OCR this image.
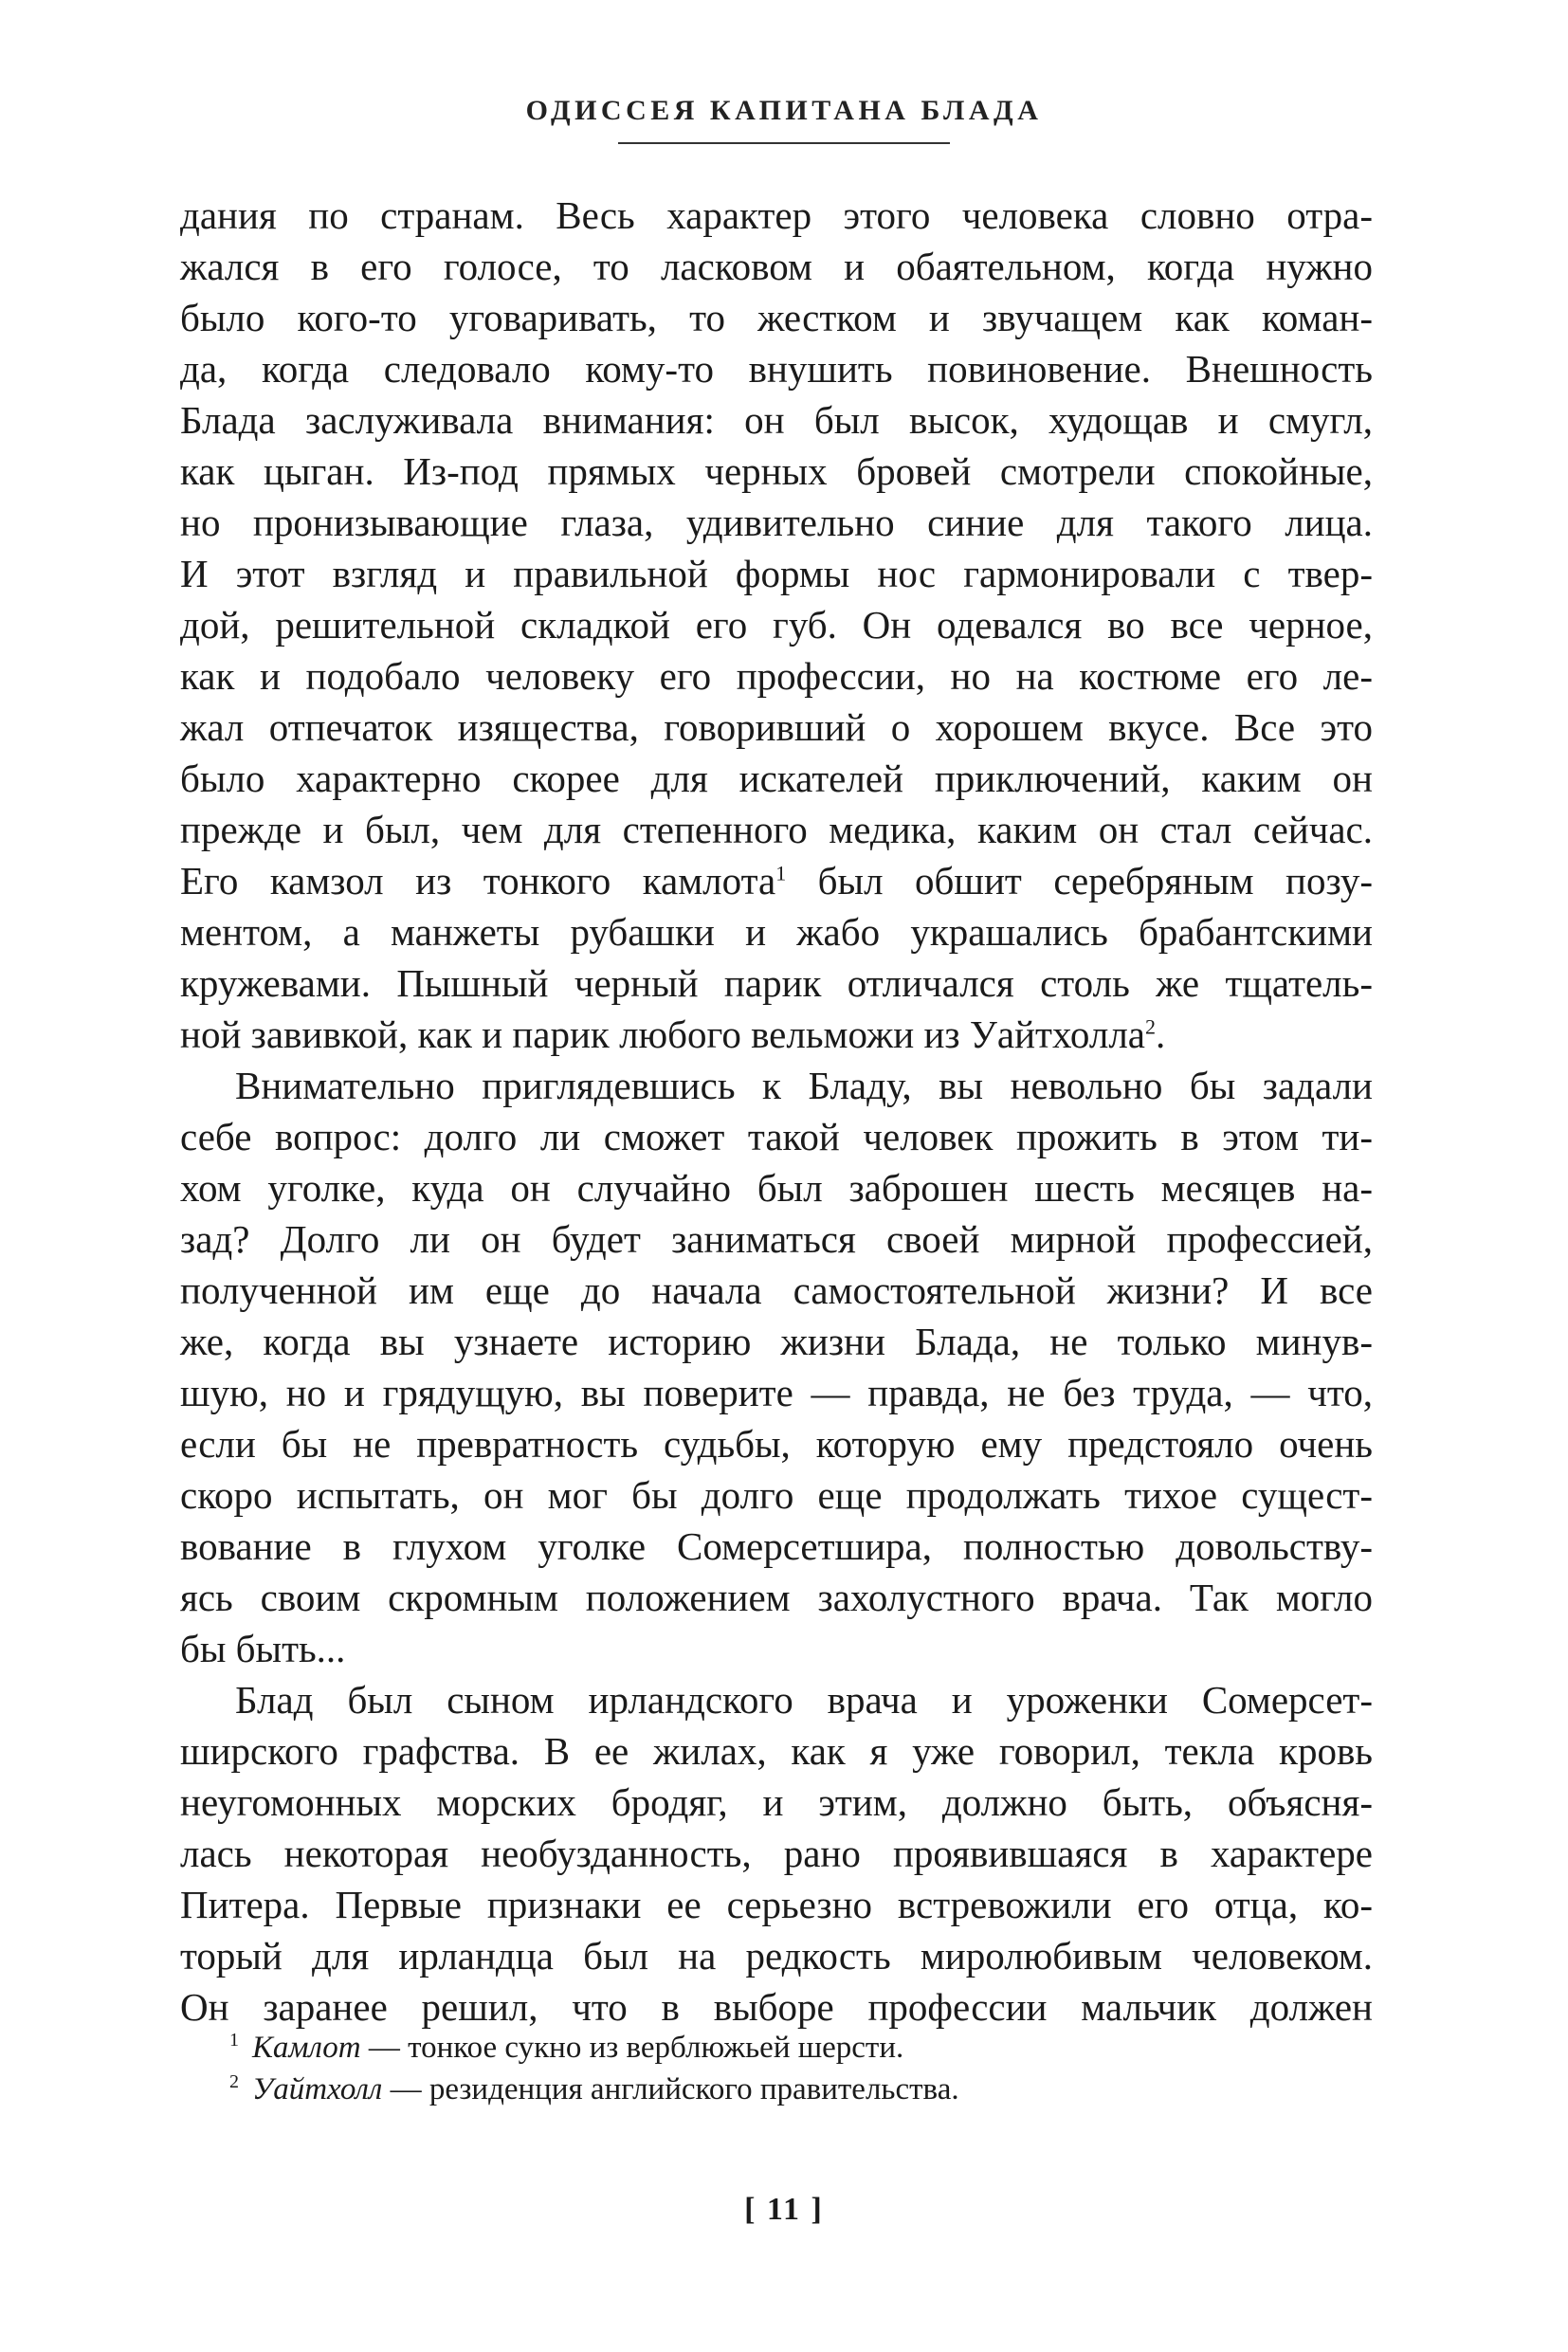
ОДИССЕЯ КАПИТАНА БЛАДА
дания по странам. Весь характер этого человека словно отра-
жался в его голосе, то ласковом и обаятельном, когда нужно
было кого-то уговаривать, то жестком и звучащем как коман-
да, когда следовало кому-то внушить повиновение. Внешность
Блада заслуживала внимания: он был высок, худощав и смугл,
как цыган. Из-под прямых черных бровей смотрели спокойные,
но пронизывающие глаза, удивительно синие для такого лица.
И этот взгляд и правильной формы нос гармонировали с твер-
дой, решительной складкой его губ. Он одевался во все черное,
как и подобало человеку его профессии, но на костюме его ле-
жал отпечаток изящества, говоривший о хорошем вкусе. Все это
было характерно скорее для искателей приключений, каким он
прежде и был, чем для степенного медика, каким он стал сейчас.
Его камзол из тонкого камлота$^1$ был обшит серебряным позу-
ментом, а манжеты рубашки и жабо украшались брабантскими
кружевами. Пышный черный парик отличался столь же тщатель-
ной завивкой, как и парик любого вельможи из Уайтхолла$^2$.
Внимательно приглядевшись к Бладу, вы невольно бы задали
себе вопрос: долго ли сможет такой человек прожить в этом ти-
хом уголке, куда он случайно был заброшен шесть месяцев на-
зад? Долго ли он будет заниматься своей мирной профессией,
полученной им еще до начала самостоятельной жизни? И все
же, когда вы узнаете историю жизни Блада, не только минув-
шую, но и грядущую, вы поверите — правда, не без труда, — что,
если бы не превратность судьбы, которую ему предстояло очень
скоро испытать, он мог бы долго еще продолжать тихое сущест-
вование в глухом уголке Сомерсетшира, полностью довольству-
ясь своим скромным положением захолустного врача. Так могло
бы быть...
Блад был сыном ирландского врача и уроженки Сомерсет-
ширского графства. В ее жилах, как я уже говорил, текла кровь
неугомонных морских бродяг, и этим, должно быть, объясня-
лась некоторая необузданность, рано проявившаяся в характере
Питера. Первые признаки ее серьезно встревожили его отца, ко-
торый для ирландца был на редкость миролюбивым человеком.
Он заранее решил, что в выборе профессии мальчик должен
$^1$ Камлот — тонкое сукно из верблюжьей шерсти.
$^2$ Уайтхолл — резиденция английского правительства.
[ 11 ]
